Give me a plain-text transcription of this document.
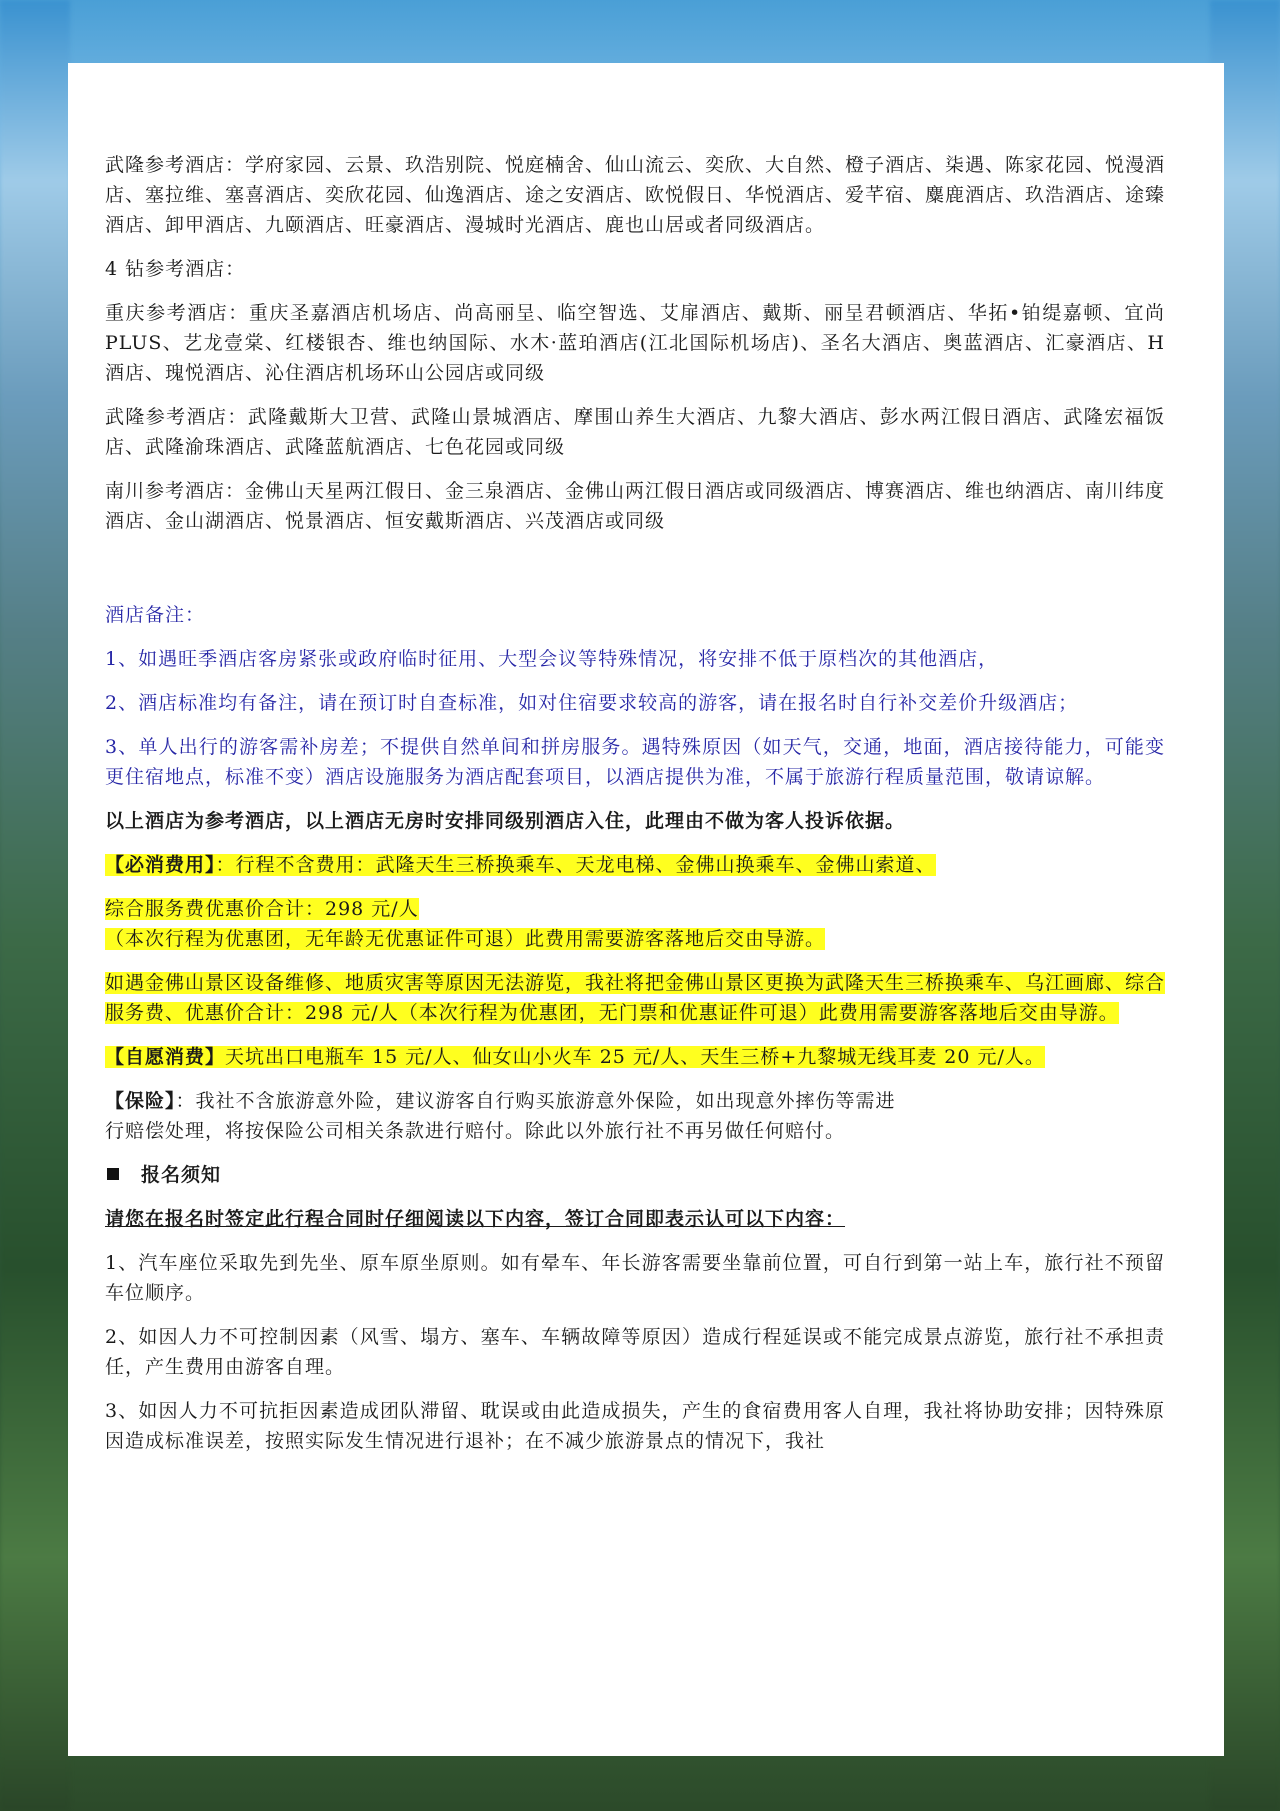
武隆参考酒店：学府家园、云景、玖浩别院、悦庭楠舍、仙山流云、奕欣、大自然、橙子酒店、柒遇、陈家花园、悦漫酒店、塞拉维、塞喜酒店、奕欣花园、仙逸酒店、途之安酒店、欧悦假日、华悦酒店、爱芊宿、麋鹿酒店、玖浩酒店、途臻酒店、卸甲酒店、九颐酒店、旺豪酒店、漫城时光酒店、鹿也山居或者同级酒店。

4 钻参考酒店：

重庆参考酒店：重庆圣嘉酒店机场店、尚高丽呈、临空智选、艾扉酒店、戴斯、丽呈君顿酒店、华拓•铂缇嘉顿、宜尚 PLUS、艺龙壹棠、红楼银杏、维也纳国际、水木·蓝珀酒店(江北国际机场店)、圣名大酒店、奥蓝酒店、汇豪酒店、H 酒店、瑰悦酒店、沁住酒店机场环山公园店或同级

武隆参考酒店：武隆戴斯大卫营、武隆山景城酒店、摩围山养生大酒店、九黎大酒店、彭水两江假日酒店、武隆宏福饭店、武隆渝珠酒店、武隆蓝航酒店、七色花园或同级

南川参考酒店：金佛山天星两江假日、金三泉酒店、金佛山两江假日酒店或同级酒店、博赛酒店、维也纳酒店、南川纬度酒店、金山湖酒店、悦景酒店、恒安戴斯酒店、兴茂酒店或同级

酒店备注：

1、如遇旺季酒店客房紧张或政府临时征用、大型会议等特殊情况，将安排不低于原档次的其他酒店，

2、酒店标准均有备注，请在预订时自查标准，如对住宿要求较高的游客，请在报名时自行补交差价升级酒店；

3、单人出行的游客需补房差；不提供自然单间和拼房服务。遇特殊原因（如天气，交通，地面，酒店接待能力，可能变更住宿地点，标准不变）酒店设施服务为酒店配套项目，以酒店提供为准，不属于旅游行程质量范围，敬请谅解。

以上酒店为参考酒店，以上酒店无房时安排同级别酒店入住，此理由不做为客人投诉依据。

【必消费用】：行程不含费用：武隆天生三桥换乘车、天龙电梯、金佛山换乘车、金佛山索道、

综合服务费优惠价合计：298 元/人
（本次行程为优惠团，无年龄无优惠证件可退）此费用需要游客落地后交由导游。

如遇金佛山景区设备维修、地质灾害等原因无法游览，我社将把金佛山景区更换为武隆天生三桥换乘车、乌江画廊、综合服务费、优惠价合计：298 元/人（本次行程为优惠团，无门票和优惠证件可退）此费用需要游客落地后交由导游。

【自愿消费】天坑出口电瓶车 15 元/人、仙女山小火车 25 元/人、天生三桥+九黎城无线耳麦 20 元/人。

【保险】：我社不含旅游意外险，建议游客自行购买旅游意外保险，如出现意外摔伤等需进
行赔偿处理，将按保险公司相关条款进行赔付。除此以外旅行社不再另做任何赔付。

报名须知

请您在报名时签定此行程合同时仔细阅读以下内容，签订合同即表示认可以下内容：

1、汽车座位采取先到先坐、原车原坐原则。如有晕车、年长游客需要坐靠前位置，可自行到第一站上车，旅行社不预留车位顺序。

2、如因人力不可控制因素（风雪、塌方、塞车、车辆故障等原因）造成行程延误或不能完成景点游览，旅行社不承担责任，产生费用由游客自理。

3、如因人力不可抗拒因素造成团队滞留、耽误或由此造成损失，产生的食宿费用客人自理，我社将协助安排；因特殊原因造成标准误差，按照实际发生情况进行退补；在不减少旅游景点的情况下，我社
